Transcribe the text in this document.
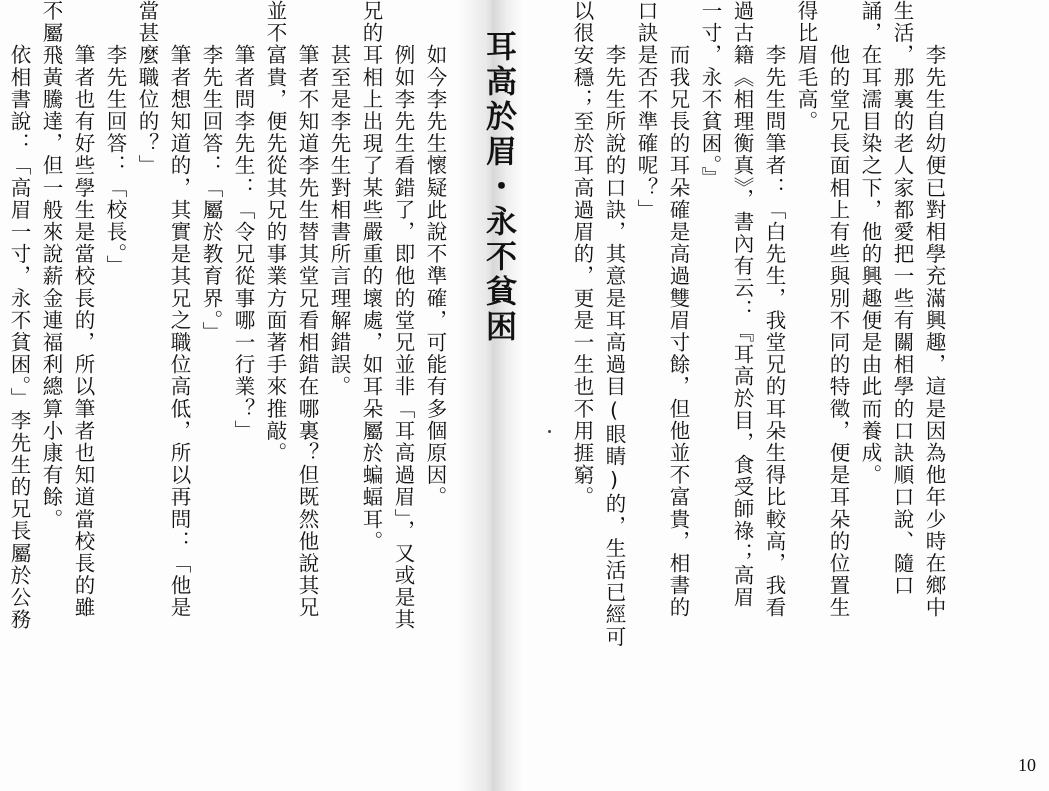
　　如今李先生懷疑此說不準確，可能有多個原因。
　　例如李先生看錯了，即他的堂兄並非「耳高過眉」，又或是其
兄的耳相上出現了某些嚴重的壞處，如耳朵屬於蝙蝠耳。
　　甚至是李先生對相書所言理解錯誤。
　　筆者不知道李先生替其堂兄看相錯在哪裏？但既然他說其兄
並不富貴，便先從其兄的事業方面著手來推敲。
　　筆者問李先生：「令兄從事哪一行業？」
　　李先生回答：「屬於教育界。」
　　筆者想知道的，其實是其兄之職位高低，所以再問：「他是
當甚麼職位的？」
　　李先生回答：「校長。」
　　筆者也有好些學生是當校長的，所以筆者也知道當校長的雖
不屬飛黃騰達，但一般來說薪金連福利總算小康有餘。
　　依相書說：「高眉一寸，永不貧困。」李先生的兄長屬於公務	耳高於眉・永不貧困	　　李先生自幼便已對相學充滿興趣，這是因為他年少時在鄉中
生活，那裏的老人家都愛把一些有關相學的口訣順口說、隨口
誦，在耳濡目染之下，他的興趣便是由此而養成。
　　他的堂兄長面相上有些與別不同的特徵，便是耳朵的位置生
得比眉毛高。
　　李先生問筆者：「白先生，我堂兄的耳朵生得比較高，我看
過古籍《相理衡真》，書內有云：『耳高於目，食受師祿；高眉
一寸，永不貧困。』
　　而我兄長的耳朵確是高過雙眉寸餘，但他並不富貴，相書的
口訣是否不準確呢？」
　　李先生所說的口訣，其意是耳高過目(眼睛)的，生活已經可
以很安穩；至於耳高過眉的，更是一生也不用捱窮。
10
